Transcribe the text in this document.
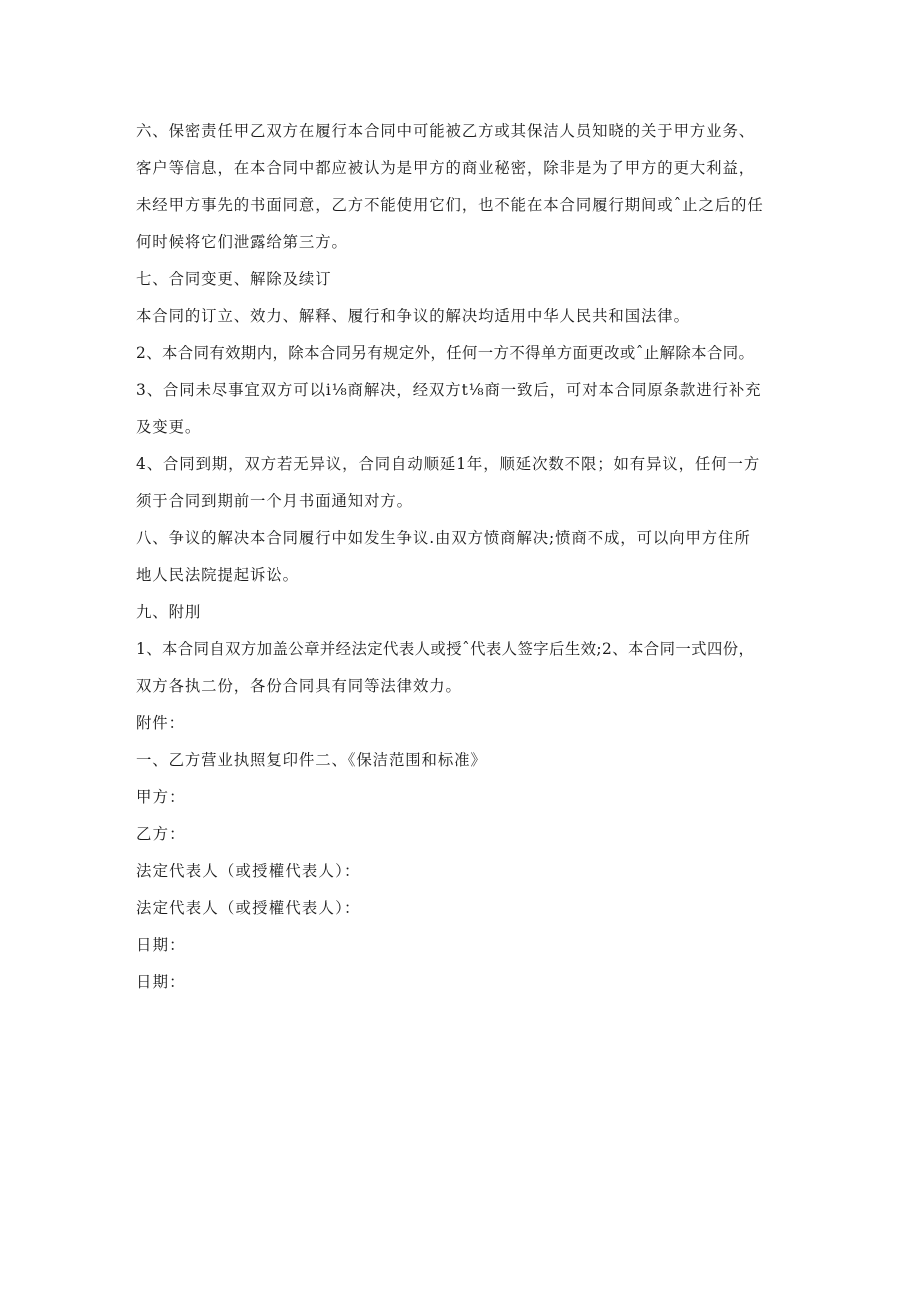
六、保密责任甲乙双方在履行本合同中可能被乙方或其保洁人员知晓的关于甲方业务、
客户等信息，在本合同中都应被认为是甲方的商业秘密，除非是为了甲方的更大利益，
未经甲方事先的书面同意，乙方不能使用它们，也不能在本合同履行期间或ˆ止之后的任
何时候将它们泄露给第三方。
七、合同变更、解除及续订
本合同的订立、效力、解释、履行和争议的解决均适用中华人民共和国法律。
2、本合同有效期内，除本合同另有规定外，任何一方不得单方面更改或ˆ止解除本合同。
3、合同未尽事宜双方可以i⅛商解决，经双方t⅛商一致后，可对本合同原条款进行补充
及变更。
4、合同到期，双方若无异议，合同自动顺延1年，顺延次数不限；如有异议，任何一方
须于合同到期前一个月书面通知对方。
八、争议的解决本合同履行中如发生争议.由双方愤商解决;愤商不成，可以向甲方住所
地人民法院提起诉讼。
九、附刖
1、本合同自双方加盖公章并经法定代表人或授ˆ代表人签字后生效;2、本合同一式四份，
双方各执二份，各份合同具有同等法律效力。
附件：
一、乙方营业执照复印件二、《保洁范围和标准》
甲方：
乙方：
法定代表人（或授權代表人）：
法定代表人（或授權代表人）：
日期：
日期：
